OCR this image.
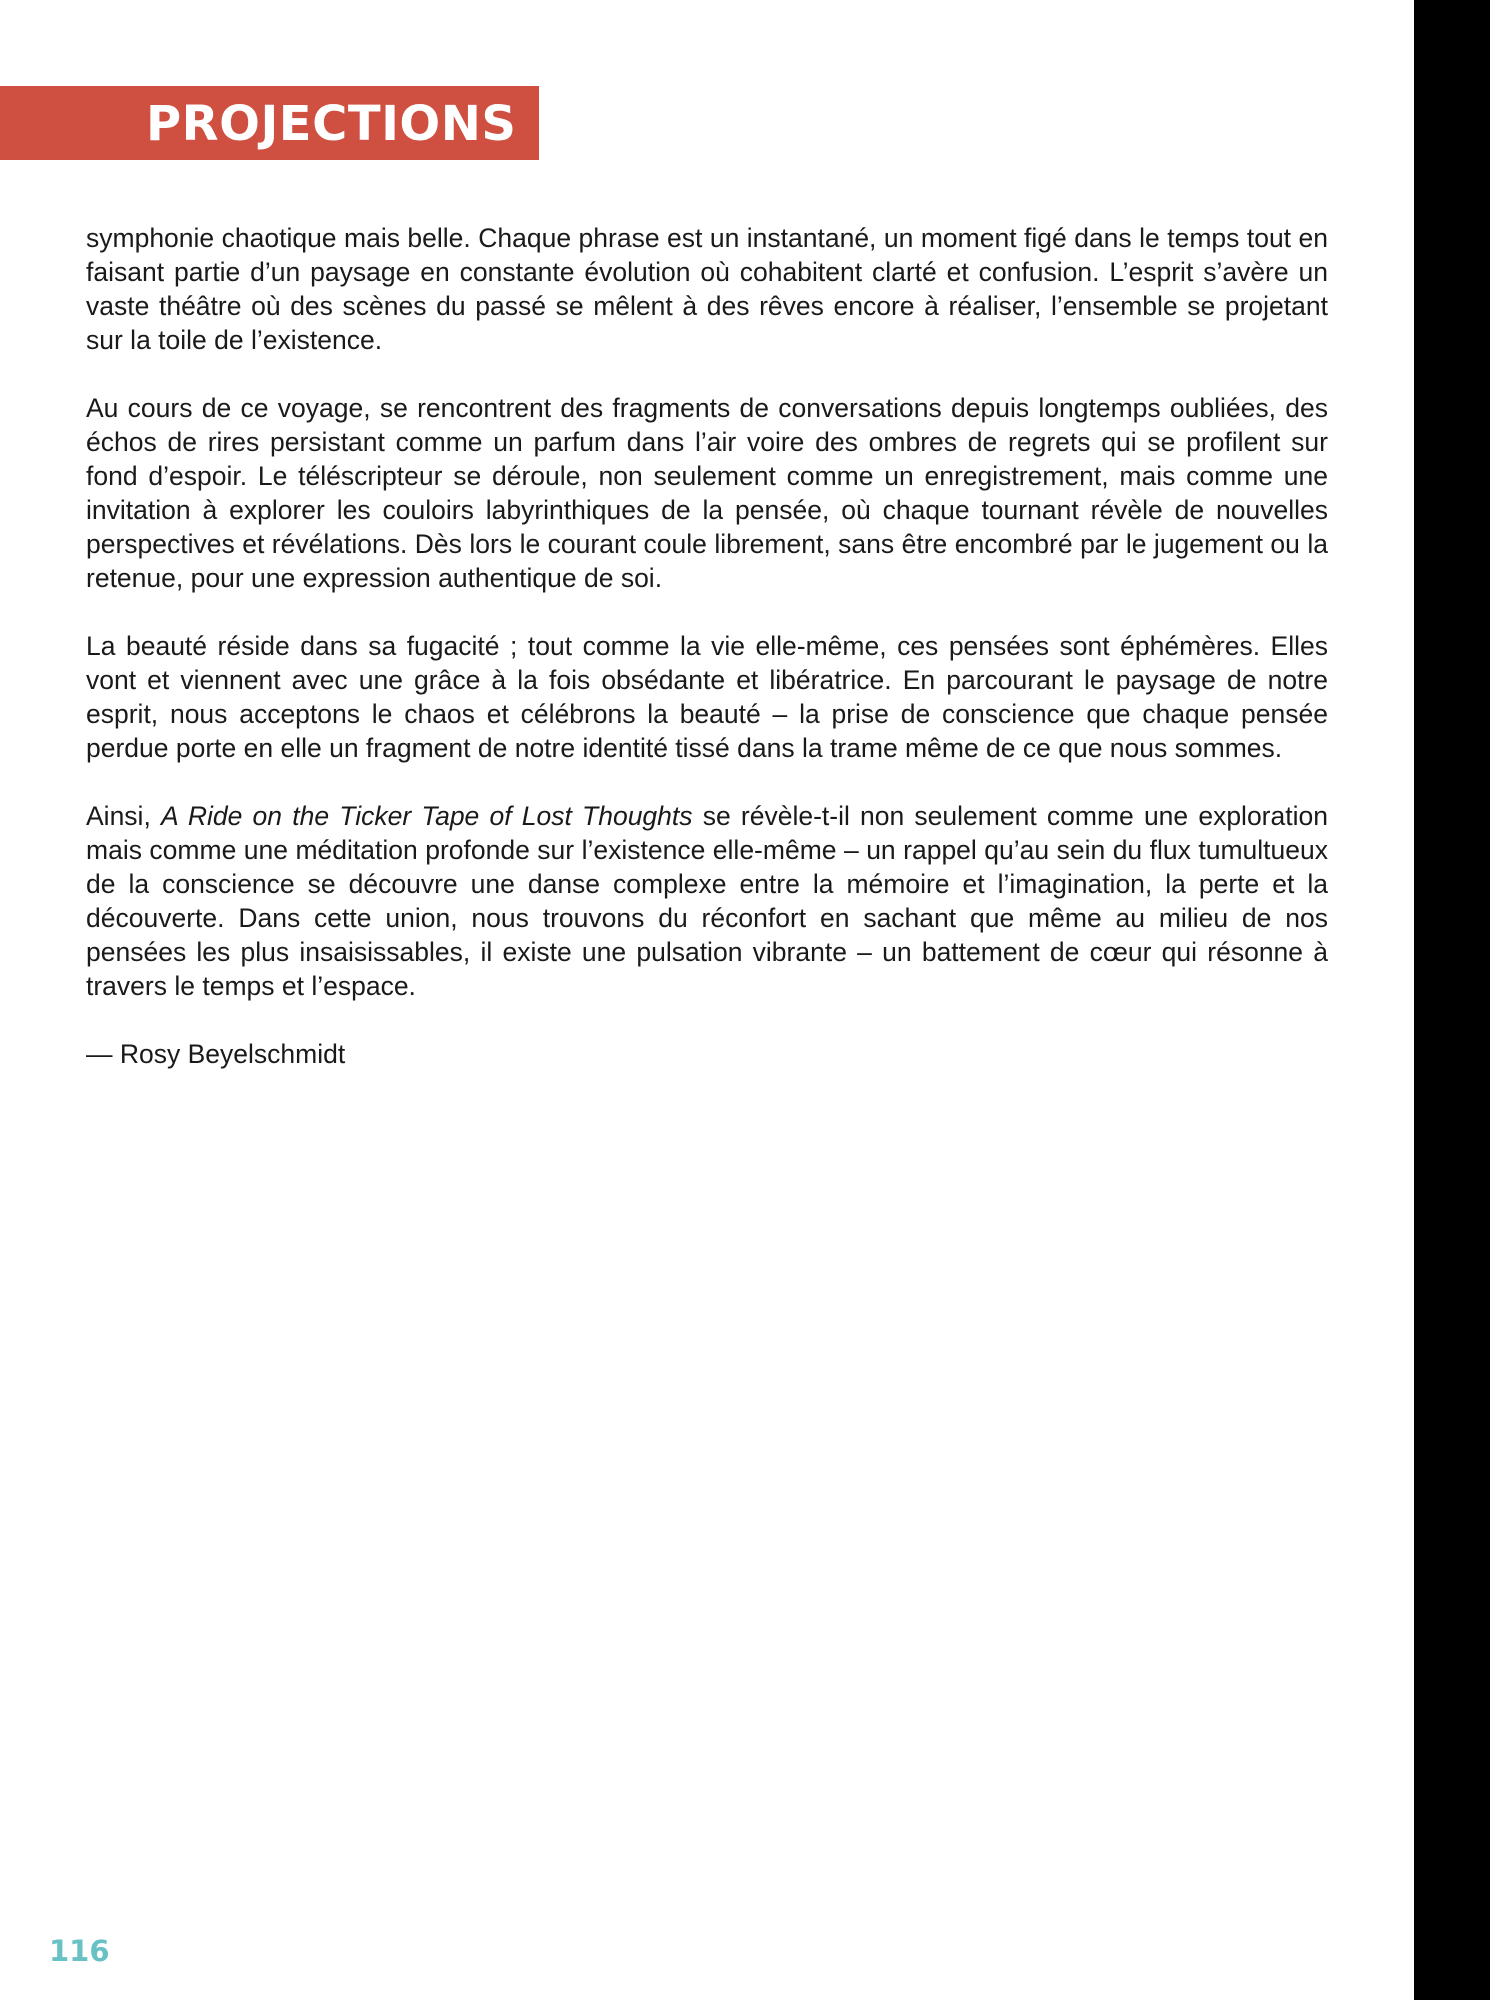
PROJECTIONS

symphonie chaotique mais belle. Chaque phrase est un instantané, un moment figé dans le temps tout en faisant partie d’un paysage en constante évolution où cohabitent clarté et confusion. L’esprit s’avère un vaste théâtre où des scènes du passé se mêlent à des rêves encore à réaliser, l’ensemble se projetant sur la toile de l’existence.

Au cours de ce voyage, se rencontrent des fragments de conversations depuis longtemps oubliées, des échos de rires persistant comme un parfum dans l’air voire des ombres de regrets qui se profilent sur fond d’espoir. Le téléscripteur se déroule, non seulement comme un enregistrement, mais comme une invitation à explorer les couloirs labyrinthiques de la pensée, où chaque tournant révèle de nouvelles perspectives et révélations. Dès lors le courant coule librement, sans être encombré par le jugement ou la retenue, pour une expression authentique de soi.

La beauté réside dans sa fugacité ; tout comme la vie elle-même, ces pensées sont éphémères. Elles vont et viennent avec une grâce à la fois obsédante et libératrice. En parcourant le paysage de notre esprit, nous acceptons le chaos et célébrons la beauté – la prise de conscience que chaque pensée perdue porte en elle un fragment de notre identité tissé dans la trame même de ce que nous sommes.

Ainsi, A Ride on the Ticker Tape of Lost Thoughts se révèle-t-il non seulement comme une exploration mais comme une méditation profonde sur l’existence elle-même – un rappel qu’au sein du flux tumultueux de la conscience se découvre une danse complexe entre la mémoire et l’imagination, la perte et la découverte. Dans cette union, nous trouvons du réconfort en sachant que même au milieu de nos pensées les plus insaisissables, il existe une pulsation vibrante – un battement de cœur qui résonne à travers le temps et l’espace.

— Rosy Beyelschmidt

116
